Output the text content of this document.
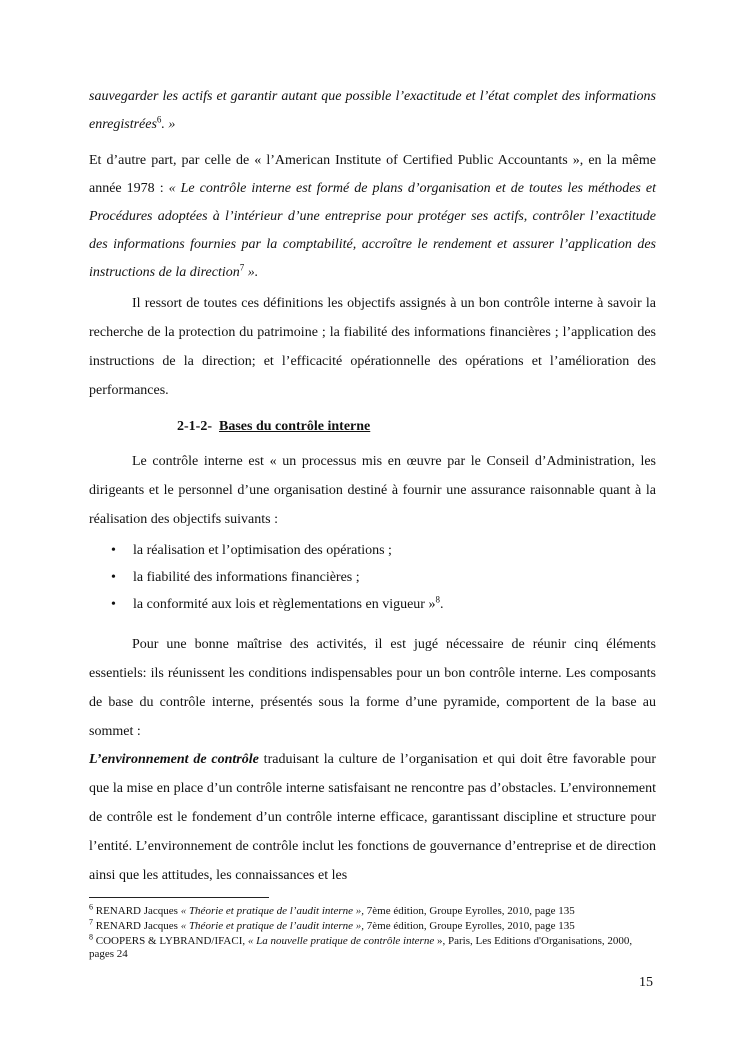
sauvegarder les actifs et garantir autant que possible l’exactitude et l’état complet des informations enregistrées$^6$. »

Et d’autre part, par celle de « l’American Institute of Certified Public Accountants », en la même année 1978 : « Le contrôle interne est formé de plans d’organisation et de toutes les méthodes et Procédures adoptées à l’intérieur d’une entreprise pour protéger ses actifs, contrôler l’exactitude des informations fournies par la comptabilité, accroître le rendement et assurer l’application des instructions de la direction$^7$ ».

Il ressort de toutes ces définitions les objectifs assignés à un bon contrôle interne à savoir la recherche de la protection du patrimoine ; la fiabilité des informations financières ; l’application des instructions de la direction; et l’efficacité opérationnelle des opérations et l’amélioration des performances.

2-1-2- Bases du contrôle interne

Le contrôle interne est « un processus mis en œuvre par le Conseil d’Administration, les dirigeants et le personnel d’une organisation destiné à fournir une assurance raisonnable quant à la réalisation des objectifs suivants :

• la réalisation et l’optimisation des opérations ;
• la fiabilité des informations financières ;
• la conformité aux lois et règlementations en vigueur »$^8$.

Pour une bonne maîtrise des activités, il est jugé nécessaire de réunir cinq éléments essentiels: ils réunissent les conditions indispensables pour un bon contrôle interne. Les composants de base du contrôle interne, présentés sous la forme d’une pyramide, comportent de la base au sommet :

L’environnement de contrôle traduisant la culture de l’organisation et qui doit être favorable pour que la mise en place d’un contrôle interne satisfaisant ne rencontre pas d’obstacles. L’environnement de contrôle est le fondement d’un contrôle interne efficace, garantissant discipline et structure pour l’entité. L’environnement de contrôle inclut les fonctions de gouvernance d’entreprise et de direction ainsi que les attitudes, les connaissances et les

$^6$ RENARD Jacques « Théorie et pratique de l’audit interne », 7ème édition, Groupe Eyrolles, 2010, page 135
$^7$ RENARD Jacques « Théorie et pratique de l’audit interne », 7ème édition, Groupe Eyrolles, 2010, page 135
$^8$ COOPERS & LYBRAND/IFACI, « La nouvelle pratique de contrôle interne », Paris, Les Editions d'Organisations, 2000, pages 24
15
